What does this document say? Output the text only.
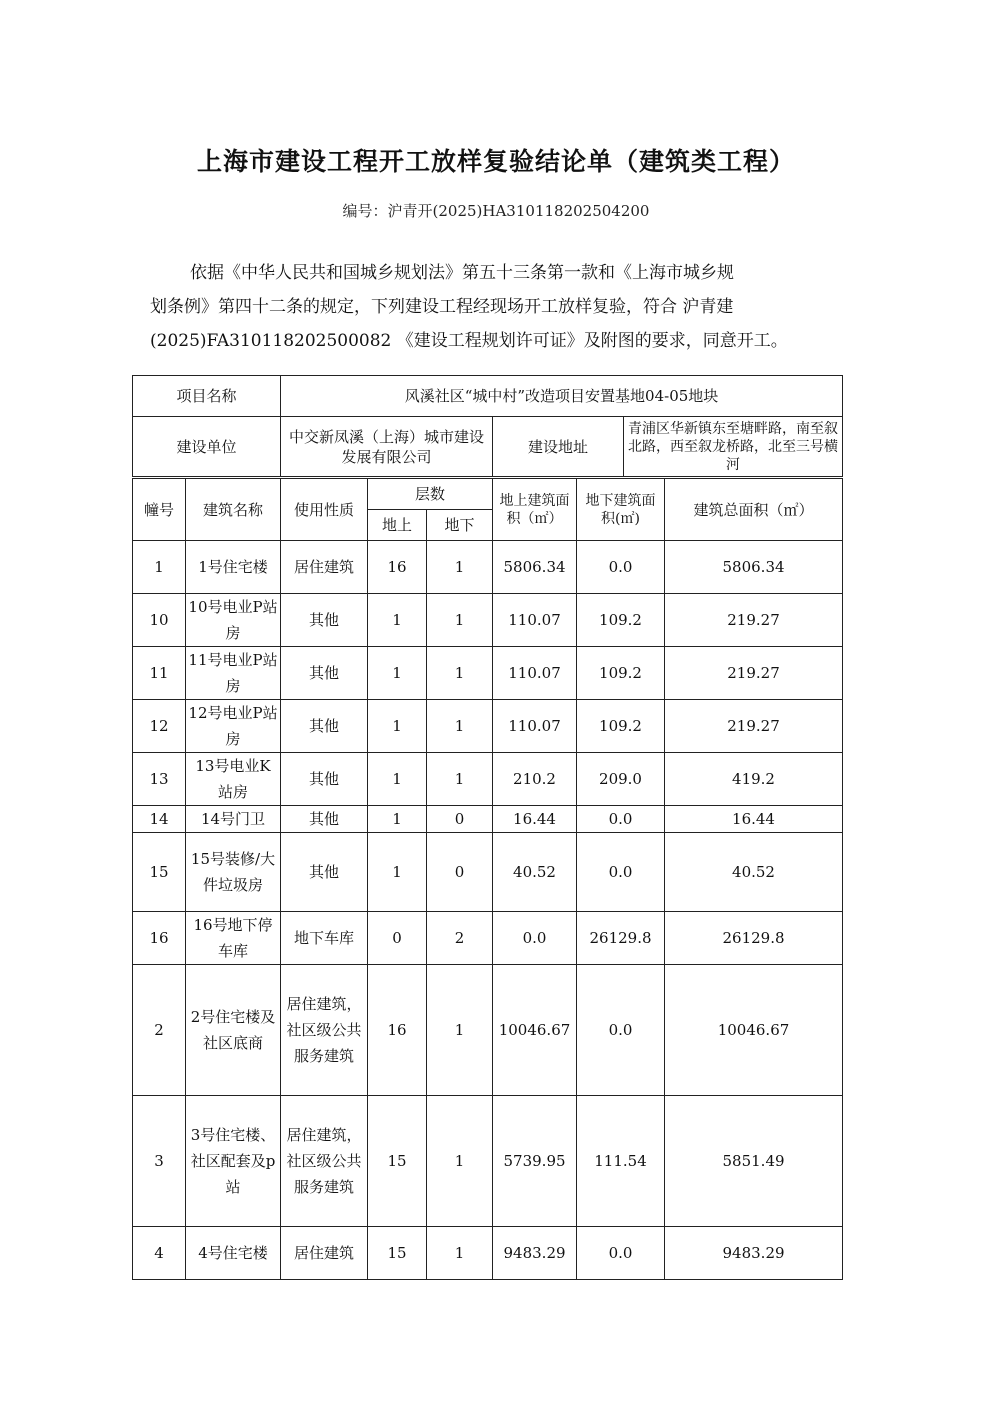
上海市建设工程开工放样复验结论单（建筑类工程）
编号：沪青开(2025)HA310118202504200
依据《中华人民共和国城乡规划法》第五十三条第一款和《上海市城乡规
划条例》第四十二条的规定，下列建设工程经现场开工放样复验，符合 沪青建
(2025)FA310118202500082 《建设工程规划许可证》及附图的要求，同意开工。
项目名称	风溪社区“城中村”改造项目安置基地04-05地块		
建设单位	中交新凤溪（上海）城市建设发展有限公司	建设地址	青浦区华新镇东至塘畔路，南至叙北路，西至叙龙桥路，北至三号横河
幢号	建筑名称	使用性质	层数		地上建筑面积（㎡）	地下建筑面积(㎡)	建筑总面积（㎡）
			地上	地下			
1	1号住宅楼	居住建筑	16	1	5806.34	0.0	5806.34
10	10号电业P站房	其他	1	1	110.07	109.2	219.27
11	11号电业P站房	其他	1	1	110.07	109.2	219.27
12	12号电业P站房	其他	1	1	110.07	109.2	219.27
13	13号电业K站房	其他	1	1	210.2	209.0	419.2
14	14号门卫	其他	1	0	16.44	0.0	16.44
15	15号装修/大件垃圾房	其他	1	0	40.52	0.0	40.52
16	16号地下停车库	地下车库	0	2	0.0	26129.8	26129.8
2	2号住宅楼及社区底商	居住建筑，社区级公共服务建筑	16	1	10046.67	0.0	10046.67
3	3号住宅楼、社区配套及p站	居住建筑，社区级公共服务建筑	15	1	5739.95	111.54	5851.49
4	4号住宅楼	居住建筑	15	1	9483.29	0.0	9483.29
